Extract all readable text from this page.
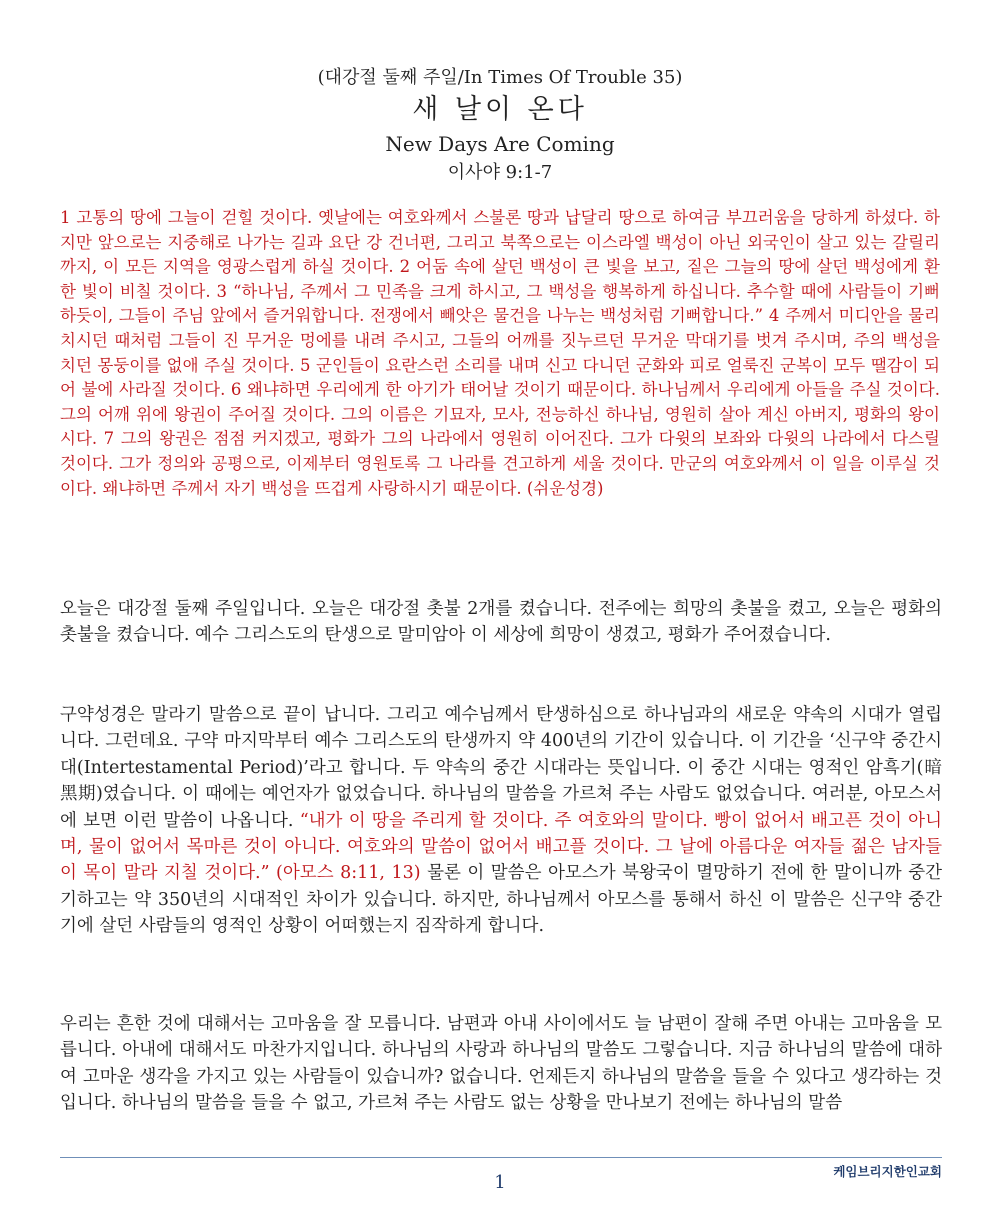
(대강절 둘째 주일/In Times Of Trouble 35)
새 날이 온다
New Days Are Coming
이사야 9:1-7

1 고통의 땅에 그늘이 걷힐 것이다. 옛날에는 여호와께서 스불론 땅과 납달리 땅으로 하여금 부끄러움을 당하게 하셨다. 하지만 앞으로는 지중해로 나가는 길과 요단 강 건너편, 그리고 북쪽으로는 이스라엘 백성이 아닌 외국인이 살고 있는 갈릴리까지, 이 모든 지역을 영광스럽게 하실 것이다. 2 어둠 속에 살던 백성이 큰 빛을 보고, 짙은 그늘의 땅에 살던 백성에게 환한 빛이 비칠 것이다. 3 “하나님, 주께서 그 민족을 크게 하시고, 그 백성을 행복하게 하십니다. 추수할 때에 사람들이 기뻐하듯이, 그들이 주님 앞에서 즐거워합니다. 전쟁에서 빼앗은 물건을 나누는 백성처럼 기뻐합니다.” 4 주께서 미디안을 물리치시던 때처럼 그들이 진 무거운 멍에를 내려 주시고, 그들의 어깨를 짓누르던 무거운 막대기를 벗겨 주시며, 주의 백성을 치던 몽둥이를 없애 주실 것이다. 5 군인들이 요란스런 소리를 내며 신고 다니던 군화와 피로 얼룩진 군복이 모두 땔감이 되어 불에 사라질 것이다. 6 왜냐하면 우리에게 한 아기가 태어날 것이기 때문이다. 하나님께서 우리에게 아들을 주실 것이다. 그의 어깨 위에 왕권이 주어질 것이다. 그의 이름은 기묘자, 모사, 전능하신 하나님, 영원히 살아 계신 아버지, 평화의 왕이시다. 7 그의 왕권은 점점 커지겠고, 평화가 그의 나라에서 영원히 이어진다. 그가 다윗의 보좌와 다윗의 나라에서 다스릴 것이다. 그가 정의와 공평으로, 이제부터 영원토록 그 나라를 견고하게 세울 것이다. 만군의 여호와께서 이 일을 이루실 것이다. 왜냐하면 주께서 자기 백성을 뜨겁게 사랑하시기 때문이다. (쉬운성경)

오늘은 대강절 둘째 주일입니다. 오늘은 대강절 촛불 2개를 켰습니다. 전주에는 희망의 촛불을 켰고, 오늘은 평화의 촛불을 켰습니다. 예수 그리스도의 탄생으로 말미암아 이 세상에 희망이 생겼고, 평화가 주어졌습니다.

구약성경은 말라기 말씀으로 끝이 납니다. 그리고 예수님께서 탄생하심으로 하나님과의 새로운 약속의 시대가 열립니다. 그런데요. 구약 마지막부터 예수 그리스도의 탄생까지 약 400년의 기간이 있습니다. 이 기간을 ‘신구약 중간시대(Intertestamental Period)’라고 합니다. 두 약속의 중간 시대라는 뜻입니다. 이 중간 시대는 영적인 암흑기(暗黑期)였습니다. 이 때에는 예언자가 없었습니다. 하나님의 말씀을 가르쳐 주는 사람도 없었습니다. 여러분, 아모스서에 보면 이런 말씀이 나옵니다. “내가 이 땅을 주리게 할 것이다. 주 여호와의 말이다. 빵이 없어서 배고픈 것이 아니며, 물이 없어서 목마른 것이 아니다. 여호와의 말씀이 없어서 배고플 것이다. 그 날에 아름다운 여자들 젊은 남자들이 목이 말라 지칠 것이다.” (아모스 8:11, 13) 물론 이 말씀은 아모스가 북왕국이 멸망하기 전에 한 말이니까 중간기하고는 약 350년의 시대적인 차이가 있습니다. 하지만, 하나님께서 아모스를 통해서 하신 이 말씀은 신구약 중간기에 살던 사람들의 영적인 상황이 어떠했는지 짐작하게 합니다.

우리는 흔한 것에 대해서는 고마움을 잘 모릅니다. 남편과 아내 사이에서도 늘 남편이 잘해 주면 아내는 고마움을 모릅니다. 아내에 대해서도 마찬가지입니다. 하나님의 사랑과 하나님의 말씀도 그렇습니다. 지금 하나님의 말씀에 대하여 고마운 생각을 가지고 있는 사람들이 있습니까? 없습니다. 언제든지 하나님의 말씀을 들을 수 있다고 생각하는 것입니다. 하나님의 말씀을 들을 수 없고, 가르쳐 주는 사람도 없는 상황을 만나보기 전에는 하나님의 말씀

케임브리지한인교회
1
